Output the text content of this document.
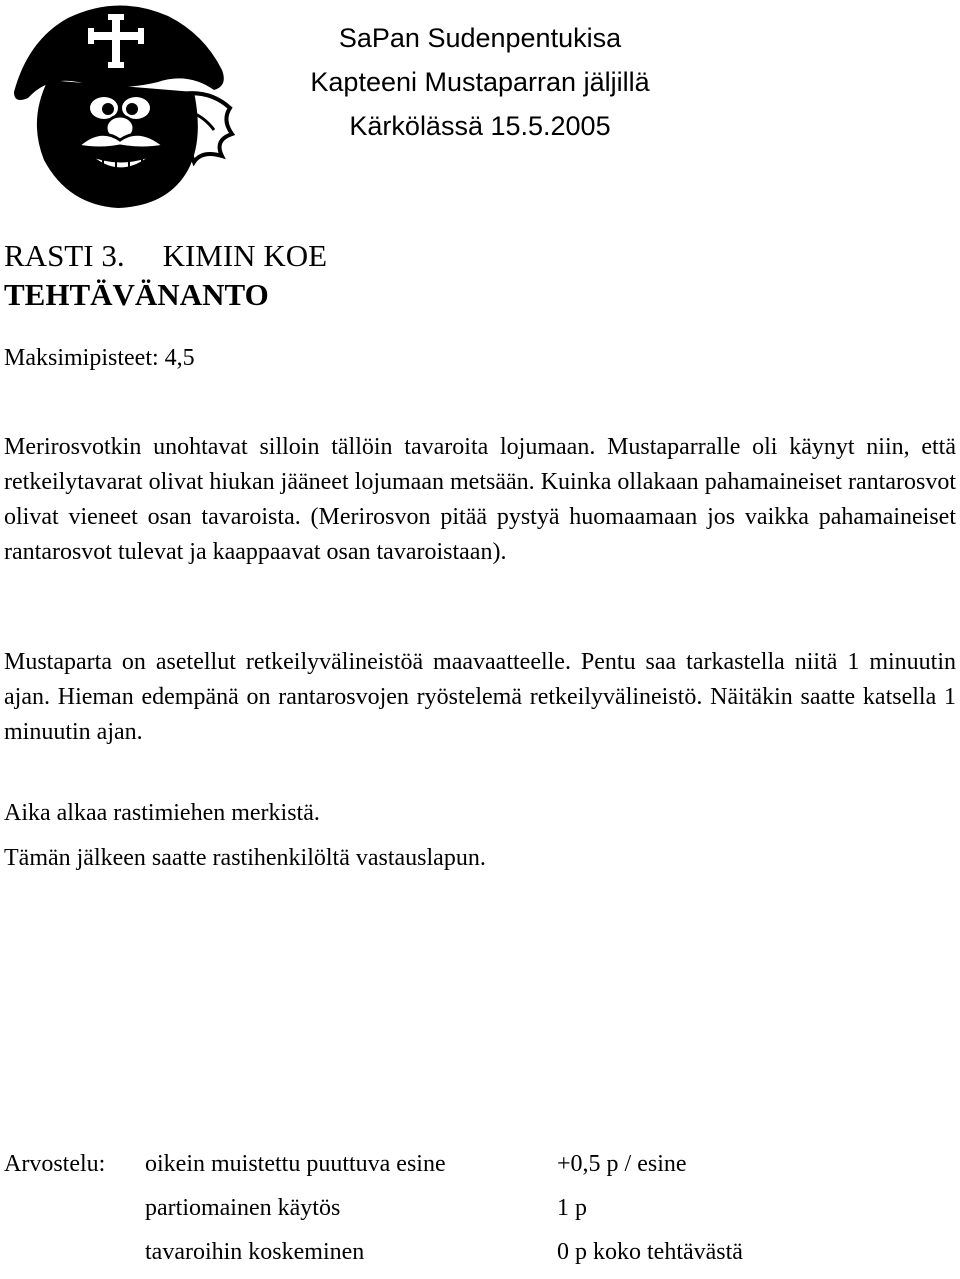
SaPan Sudenpentukisa
Kapteeni Mustaparran jäljillä
Kärkölässä 15.5.2005
RASTI 3. KIMIN KOE
TEHTÄVÄNANTO
Maksimipisteet: 4,5
Merirosvotkin unohtavat silloin tällöin tavaroita lojumaan. Mustaparralle oli käynyt niin, että retkeilytavarat olivat hiukan jääneet lojumaan metsään. Kuinka ollakaan pahamaineiset rantarosvot olivat vieneet osan tavaroista. (Merirosvon pitää pystyä huomaamaan jos vaikka pahamaineiset rantarosvot tulevat ja kaappaavat osan tavaroistaan).
Mustaparta on asetellut retkeilyvälineistöä maavaatteelle. Pentu saa tarkastella niitä 1 minuutin ajan. Hieman edempänä on rantarosvojen ryöstelemä retkeilyvälineistö. Näitäkin saatte katsella 1 minuutin ajan.
Aika alkaa rastimiehen merkistä.
Tämän jälkeen saatte rastihenkilöltä vastauslapun.
Arvostelu: oikein muistettu puuttuva esine	+0,5 p / esine
partiomainen käytös	1 p
tavaroihin koskeminen	0 p koko tehtävästä
